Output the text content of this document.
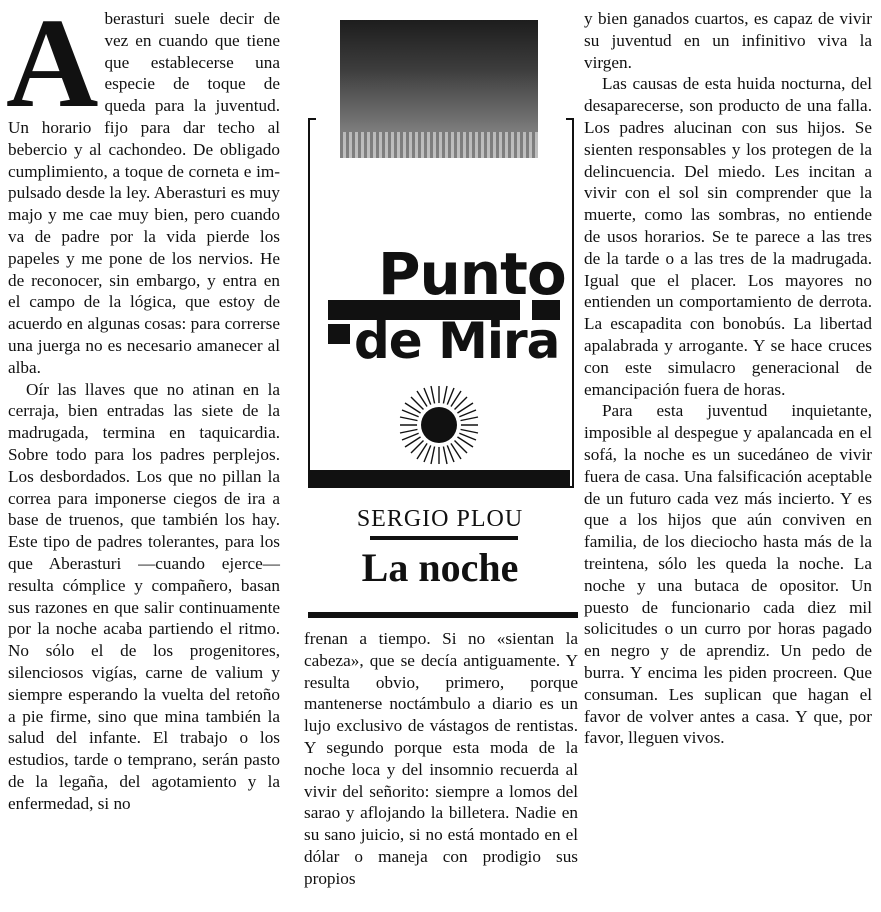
A berasturi suele decir de vez en cuando que tiene que establecerse una especie de toque de queda para la juventud. Un horario fijo para dar techo al bebercio y al cachondeo. De obligado cumplimiento, a toque de corneta e impulsado desde la ley. Aberasturi es muy majo y me cae muy bien, pero cuando va de padre por la vida pierde los papeles y me pone de los nervios. He de reconocer, sin embargo, y entra en el campo de la lógica, que estoy de acuerdo en algunas cosas: para correrse una juerga no es necesario amanecer al alba.

Oír las llaves que no atinan en la cerraja, bien entradas las siete de la madrugada, termina en taquicardia. Sobre todo para los padres perplejos. Los desbordados. Los que no pillan la correa para imponerse ciegos de ira a base de truenos, que también los hay. Este tipo de padres tolerantes, para los que Aberasturi —cuando ejerce— resulta cómplice y compañero, basan sus razones en que salir continuamente por la noche acaba partiendo el ritmo. No sólo el de los progenitores, silenciosos vigías, carne de valium y siempre esperando la vuelta del retoño a pie firme, sino que mina también la salud del infante. El trabajo o los estudios, tarde o temprano, serán pasto de la legaña, del agotamiento y la enfermedad, si no

Punto
de Mira
SERGIO PLOU
La noche

frenan a tiempo. Si no «sientan la cabeza», que se decía antiguamente. Y resulta obvio, primero, porque mantenerse noctámbulo a diario es un lujo exclusivo de vástagos de rentistas. Y segundo porque esta moda de la noche loca y del insomnio recuerda al vivir del señorito: siempre a lomos del sarao y aflojando la billetera. Nadie en su sano juicio, si no está montado en el dólar o maneja con prodigio sus propios

y bien ganados cuartos, es capaz de vivir su juventud en un infinitivo viva la virgen.

Las causas de esta huida nocturna, del desaparecerse, son producto de una falla. Los padres alucinan con sus hijos. Se sienten responsables y los protegen de la delincuencia. Del miedo. Les incitan a vivir con el sol sin comprender que la muerte, como las sombras, no entiende de usos horarios. Se te parece a las tres de la tarde o a las tres de la madrugada. Igual que el placer. Los mayores no entienden un comportamiento de derrota. La escapadita con bonobús. La libertad apalabrada y arrogante. Y se hace cruces con este simulacro generacional de emancipación fuera de horas.

Para esta juventud inquietante, imposible al despegue y apalancada en el sofá, la noche es un sucedáneo de vivir fuera de casa. Una falsificación aceptable de un futuro cada vez más incierto. Y es que a los hijos que aún conviven en familia, de los dieciocho hasta más de la treintena, sólo les queda la noche. La noche y una butaca de opositor. Un puesto de funcionario cada diez mil solicitudes o un curro por horas pagado en negro y de aprendiz. Un pedo de burra. Y encima les piden procreen. Que consuman. Les suplican que hagan el favor de volver antes a casa. Y que, por favor, lleguen vivos.
